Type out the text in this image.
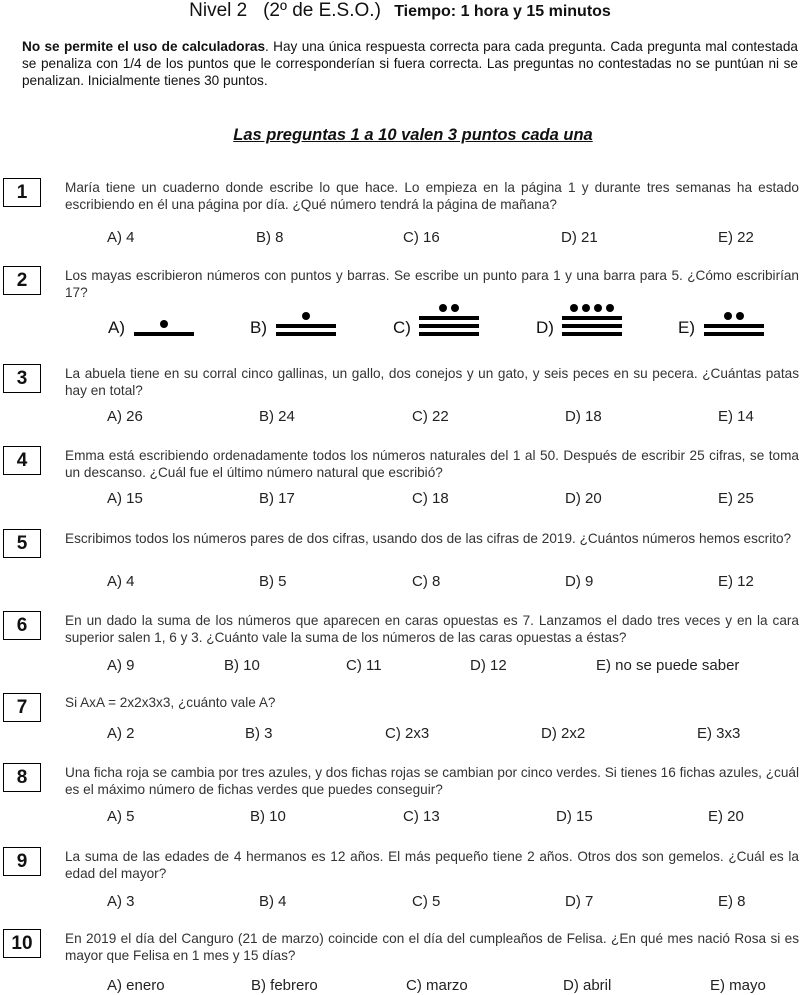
Nivel 2   (2º de E.S.O.) Tiempo: 1 hora y 15 minutos
No se permite el uso de calculadoras. Hay una única respuesta correcta para cada pregunta. Cada pregunta mal contestada se penaliza con 1/4 de los puntos que le corresponderían si fuera correcta. Las preguntas no contestadas no se puntúan ni se penalizan. Inicialmente tienes 30 puntos.
Las preguntas 1 a 10 valen 3 puntos cada una
1	María tiene un cuaderno donde escribe lo que hace. Lo empieza en la página 1 y durante tres semanas ha estado escribiendo en él una página por día. ¿Qué número tendrá la página de mañana?
A) 4	B) 8	C) 16	D) 21	E) 22
2	Los mayas escribieron números con puntos y barras. Se escribe un punto para 1 y una barra para 5. ¿Cómo escribirían 17?
A)	B)	C)	D)	E)
3	La abuela tiene en su corral cinco gallinas, un gallo, dos conejos y un gato, y seis peces en su pecera. ¿Cuántas patas hay en total?
A) 26	B) 24	C) 22	D) 18	E) 14
4	Emma está escribiendo ordenadamente todos los números naturales del 1 al 50. Después de escribir 25 cifras, se toma un descanso. ¿Cuál fue el último número natural que escribió?
A) 15	B) 17	C) 18	D) 20	E) 25
5	Escribimos todos los números pares de dos cifras, usando dos de las cifras de 2019. ¿Cuántos números hemos escrito?
A) 4	B) 5	C) 8	D) 9	E) 12
6	En un dado la suma de los números que aparecen en caras opuestas es 7. Lanzamos el dado tres veces y en la cara superior salen 1, 6 y 3. ¿Cuánto vale la suma de los números de las caras opuestas a éstas?
A) 9	B) 10	C) 11	D) 12	E) no se puede saber
7	Si AxA = 2x2x3x3, ¿cuánto vale A?
A) 2	B) 3	C) 2x3	D) 2x2	E) 3x3
8	Una ficha roja se cambia por tres azules, y dos fichas rojas se cambian por cinco verdes. Si tienes 16 fichas azules, ¿cuál es el máximo número de fichas verdes que puedes conseguir?
A) 5	B) 10	C) 13	D) 15	E) 20
9	La suma de las edades de 4 hermanos es 12 años. El más pequeño tiene 2 años. Otros dos son gemelos. ¿Cuál es la edad del mayor?
A) 3	B) 4	C) 5	D) 7	E) 8
10	En 2019 el día del Canguro (21 de marzo) coincide con el día del cumpleaños de Felisa. ¿En qué mes nació Rosa si es mayor que Felisa en 1 mes y 15 días?
A) enero	B) febrero	C) marzo	D) abril	E) mayo
